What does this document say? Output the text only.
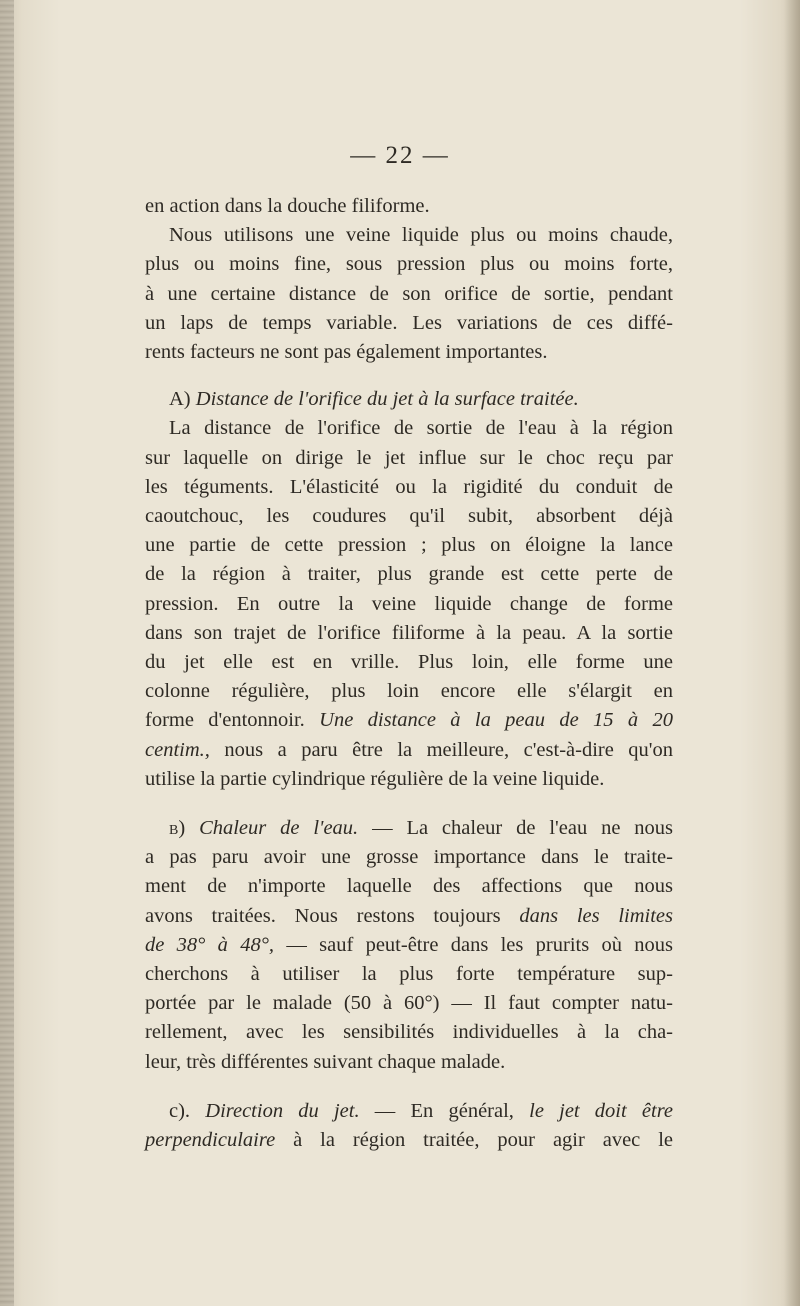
— 22 —
en action dans la douche filiforme.
Nous utilisons une veine liquide plus ou moins chaude,
plus ou moins fine, sous pression plus ou moins forte,
à une certaine distance de son orifice de sortie, pendant
un laps de temps variable. Les variations de ces diffé-
rents facteurs ne sont pas également importantes.
A) Distance de l'orifice du jet à la surface traitée.
La distance de l'orifice de sortie de l'eau à la région
sur laquelle on dirige le jet influe sur le choc reçu par
les téguments. L'élasticité ou la rigidité du conduit de
caoutchouc, les coudures qu'il subit, absorbent déjà
une partie de cette pression ; plus on éloigne la lance
de la région à traiter, plus grande est cette perte de
pression. En outre la veine liquide change de forme
dans son trajet de l'orifice filiforme à la peau. A la sortie
du jet elle est en vrille. Plus loin, elle forme une
colonne régulière, plus loin encore elle s'élargit en
forme d'entonnoir. Une distance à la peau de 15 à 20
centim., nous a paru être la meilleure, c'est-à-dire qu'on
utilise la partie cylindrique régulière de la veine liquide.
b) Chaleur de l'eau. — La chaleur de l'eau ne nous
a pas paru avoir une grosse importance dans le traite-
ment de n'importe laquelle des affections que nous
avons traitées. Nous restons toujours dans les limites
de 38° à 48°, — sauf peut-être dans les prurits où nous
cherchons à utiliser la plus forte température sup-
portée par le malade (50 à 60°) — Il faut compter natu-
rellement, avec les sensibilités individuelles à la cha-
leur, très différentes suivant chaque malade.
c). Direction du jet. — En général, le jet doit être
perpendiculaire à la région traitée, pour agir avec le
